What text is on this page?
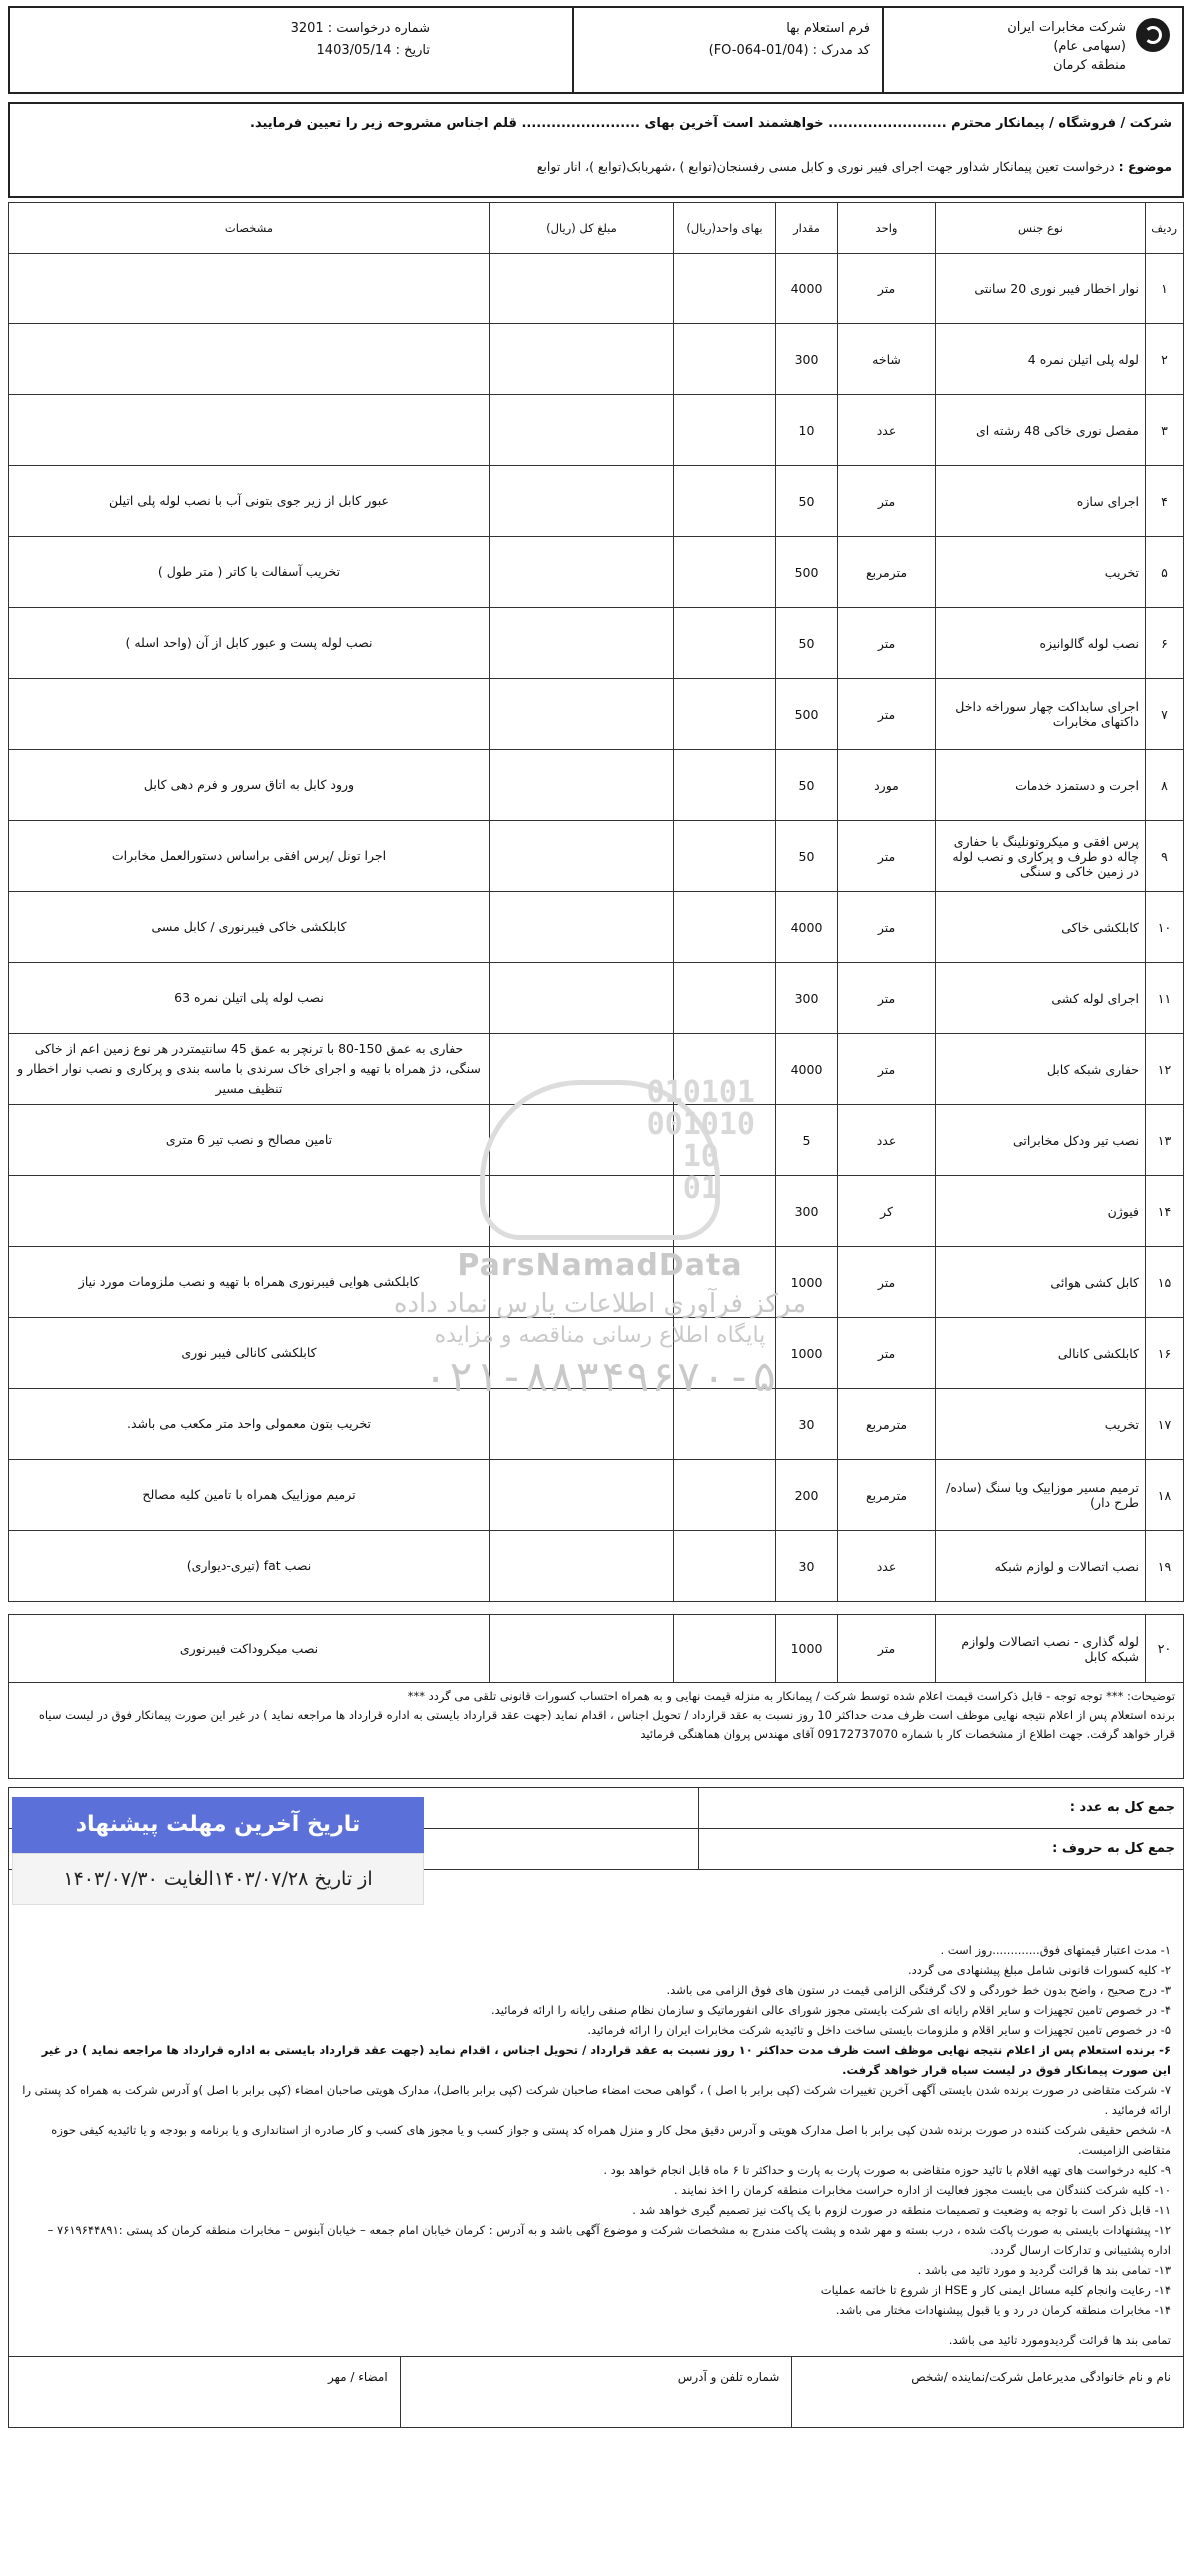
شرکت مخابرات ایران
(سهامی عام)
منطقه کرمان
فرم استعلام بها
کد مدرک : (FO-064-01/04)
شماره درخواست : 3201
تاریخ : 1403/05/14
شرکت / فروشگاه / پیمانکار محترم ........................ خواهشمند است آخرین بهای ........................ قلم اجناس مشروحه زیر را تعیین فرمایید.
موضوع : درخواست تعین پیمانکار شداور جهت اجرای فیبر نوری و کابل مسی رفسنجان(توابع ) ،شهربابک(توابع )، انار توابع
ردیف	نوع جنس	واحد	مقدار	بهای واحد(ریال)	مبلغ کل (ریال)	مشخصات
۱	نوار اخطار فیبر نوری 20 سانتی	متر	4000			
۲	لوله پلی اتیلن نمره 4	شاخه	300			
۳	مفصل نوری خاکی 48 رشته ای	عدد	10			
۴	اجرای سازه	متر	50			عبور کابل از زیر جوی بتونی آب با نصب لوله پلی اتیلن
۵	تخریب	مترمربع	500			تخریب آسفالت با کاتر ( متر طول )
۶	نصب لوله گالوانیزه	متر	50			نصب لوله پست و عبور کابل از آن (واحد اسله )
۷	اجرای سابداکت چهار سوراخه داخل داکتهای مخابرات	متر	500			
۸	اجرت و دستمزد خدمات	مورد	50			ورود کابل به اتاق سرور و فرم دهی کابل
۹	پرس افقی و میکروتونلینگ با حفاری چاله دو طرف و پرکاری و نصب لوله در زمین خاکی و سنگی	متر	50			اجرا تونل /پرس افقی براساس دستورالعمل مخابرات
۱۰	کابلکشی خاکی	متر	4000			کابلکشی خاکی فیبرنوری / کابل مسی
۱۱	اجرای لوله کشی	متر	300			نصب لوله پلی اتیلن نمره 63
۱۲	حفاری شبکه کابل	متر	4000			حفاری به عمق 150-80 با ترنچر به عمق 45 سانتیمتردر هر نوع زمین اعم از خاکی سنگی، دژ همراه با تهیه و اجرای خاک سرندی با ماسه بندی و پرکاری و نصب نوار اخطار و تنظیف مسیر
۱۳	نصب تیر ودکل مخابراتی	عدد	5			تامین مصالح و نصب تیر 6 متری
۱۴	فیوژن	کر	300			
۱۵	کابل کشی هوائی	متر	1000			کابلکشی هوایی فیبرنوری همراه با تهیه و نصب ملزومات مورد نیاز
۱۶	کابلکشی کانالی	متر	1000			کابلکشی کانالی فیبر نوری
۱۷	تخریب	مترمربع	30			تخریب بتون معمولی واحد متر مکعب می باشد.
۱۸	ترمیم مسیر موزاییک ویا سنگ (ساده/طرح دار)	مترمربع	200			ترمیم موزاییک همراه با تامین کلیه مصالح
۱۹	نصب اتصالات و لوازم شبکه	عدد	30			نصب fat (تیری-دیواری)
۲۰	لوله گذاری - نصب اتصالات ولوازم شبکه کابل	متر	1000			نصب میکروداکت فیبرنوری
توضیحات: *** توجه توجه - قابل ذکراست قیمت اعلام شده توسط شرکت / پیمانکار به منزله قیمت نهایی و به همراه احتساب کسورات قانونی تلقی می گردد ***
برنده استعلام پس از اعلام نتیجه نهایی موظف است ظرف مدت حداکثر 10 روز نسبت به عقد قرارداد / تحویل اجناس ، اقدام نماید (جهت عقد قرارداد بایستی به اداره قرارداد ها مراجعه نماید ) در غیر این صورت پیمانکار فوق در لیست سیاه قرار خواهد گرفت. جهت اطلاع از مشخصات کار با شماره 09172737070 آقای مهندس پروان هماهنگی فرمائید
جمع کل به عدد :
جمع کل به حروف :
۱- مدت اعتبار قیمتهای فوق.............روز است .
۲- کلیه کسورات قانونی شامل مبلغ پیشنهادی می گردد.
۳- درج صحیح ، واضح بدون خط خوردگی و لاک گرفتگی الزامی قیمت در ستون های فوق الزامی می باشد.
۴- در خصوص تامین تجهیزات و سایر اقلام رایانه ای شرکت بایستی مجوز شورای عالی انفورماتیک و سازمان نظام صنفی رایانه را ارائه فرمائید.
۵- در خصوص تامین تجهیزات و سایر اقلام و ملزومات بایستی ساخت داخل و تائیدیه شرکت مخابرات ایران را ارائه فرمائید.
۶- برنده استعلام پس از اعلام نتیجه نهایی موظف است ظرف مدت حداکثر ۱۰ روز نسبت به عقد قرارداد / تحویل اجناس ، اقدام نماید (جهت عقد قرارداد بایستی به اداره قرارداد ها مراجعه نماید ) در غیر این صورت پیمانکار فوق در لیست سیاه قرار خواهد گرفت.
۷- شرکت متقاضی در صورت برنده شدن بایستی آگهی آخرین تغییرات شرکت (کپی برابر با اصل ) ، گواهی صحت امضاء صاحبان شرکت (کپی برابر بااصل)، مدارک هویتی صاحبان امضاء (کپی برابر با اصل )و آدرس شرکت به همراه کد پستی را ارائه فرمائید .
۸- شخص حقیقی شرکت کننده در صورت برنده شدن کپی برابر با اصل مدارک هویتی و آدرس دقیق محل کار و منزل همراه کد پستی و جواز کسب و یا مجوز های کسب و کار صادره از استانداری و یا برنامه و بودجه و یا تائیدیه کیفی حوزه متقاضی الزامیست.
۹- کلیه درخواست های تهیه اقلام با تائید حوزه متقاضی به صورت پارت به پارت و حداکثر تا ۶ ماه قابل انجام خواهد بود .
۱۰- کلیه شرکت کنندگان می بایست مجوز فعالیت از اداره حراست مخابرات منطقه کرمان را اخذ نمایند .
۱۱- قابل ذکر است با توجه به وضعیت و تصمیمات منطقه در صورت لزوم با یک پاکت نیز تصمیم گیری خواهد شد .
۱۲- پیشنهادات بایستی به صورت پاکت شده ، درب بسته و مهر شده و پشت پاکت مندرج به مشخصات شرکت و موضوع آگهی باشد و به آدرس : کرمان خیابان امام جمعه – خیابان آبنوس – مخابرات منطقه کرمان کد پستی :۷۶۱۹۶۴۴۸۹۱ – اداره پشتیبانی و تدارکات ارسال گردد.
۱۳- تمامی بند ها قرائت گردید و مورد تائید می باشد .
۱۴- رعایت وانجام کلیه مسائل ایمنی کار و HSE از شروع تا خاتمه عملیات
۱۴- مخابرات منطقه کرمان در رد و یا قبول پیشنهادات مختار می باشد.
تمامی بند ها قرائت گردیدومورد تائید می باشد.
نام و نام خانوادگی مدیرعامل شرکت/نماینده /شخص
شماره تلفن و آدرس
امضاء / مهر
تاریخ آخرین مهلت پیشنهاد
از تاریخ ۱۴۰۳/۰۷/۲۸الغایت ۱۴۰۳/۰۷/۳۰
010101
001010
10
01
ParsNamadData
مرکز فرآوری اطلاعات پارس نماد داده
پایگاه اطلاع رسانی مناقصه و مزایده
۰۲۱-۸۸۳۴۹۶۷۰-۵
